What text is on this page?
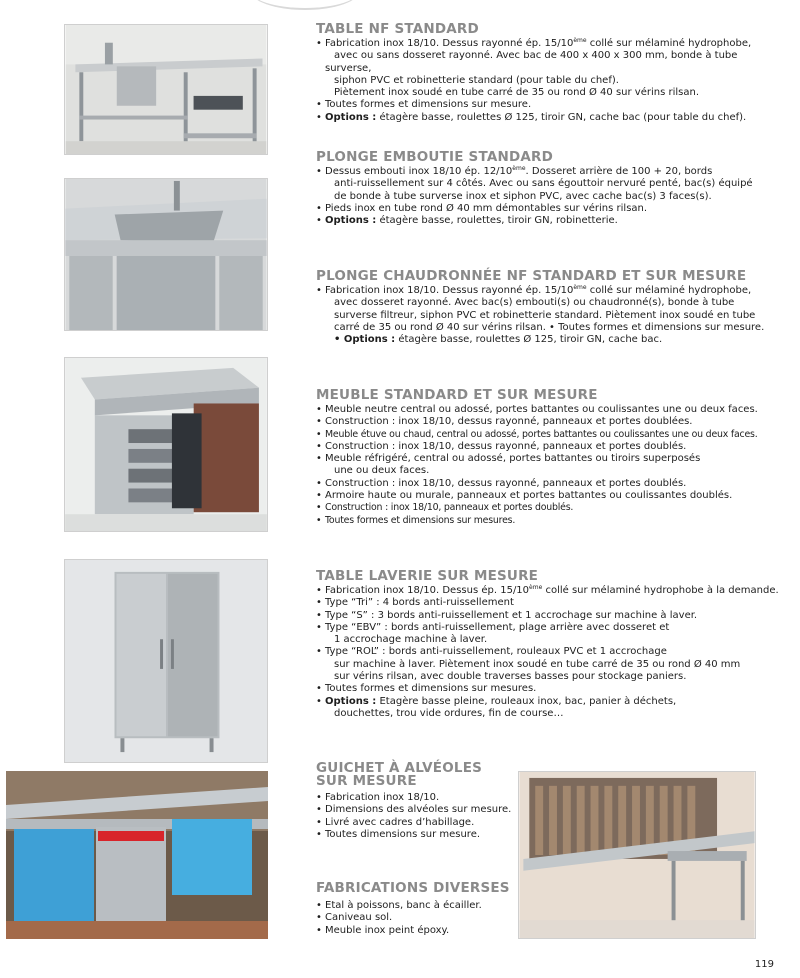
TABLE NF STANDARD
• Fabrication inox 18/10. Dessus rayonné ép. 15/10ème collé sur mélaminé hydrophobe,
avec ou sans dosseret rayonné. Avec bac de 400 x 400 x 300 mm, bonde à tube surverse,
siphon PVC et robinetterie standard (pour table du chef).
Piètement inox soudé en tube carré de 35 ou rond Ø 40 sur vérins rilsan.
• Toutes formes et dimensions sur mesure.
• Options : étagère basse, roulettes Ø 125, tiroir GN, cache bac (pour table du chef).
PLONGE EMBOUTIE STANDARD
• Dessus embouti inox 18/10 ép. 12/10ème. Dosseret arrière de 100 + 20, bords
anti-ruissellement sur 4 côtés. Avec ou sans égouttoir nervuré penté, bac(s) équipé
de bonde à tube surverse inox et siphon PVC, avec cache bac(s) 3 faces(s).
• Pieds inox en tube rond Ø 40 mm démontables sur vérins rilsan.
• Options : étagère basse, roulettes, tiroir GN, robinetterie.
PLONGE CHAUDRONNÉE NF STANDARD ET SUR MESURE
• Fabrication inox 18/10. Dessus rayonné ép. 15/10ème collé sur mélaminé hydrophobe,
avec dosseret rayonné. Avec bac(s) embouti(s) ou chaudronné(s), bonde à tube
surverse filtreur, siphon PVC et robinetterie standard. Piètement inox soudé en tube
carré de 35 ou rond Ø 40 sur vérins rilsan. • Toutes formes et dimensions sur mesure.
• Options : étagère basse, roulettes Ø 125, tiroir GN, cache bac.
MEUBLE STANDARD ET SUR MESURE
• Meuble neutre central ou adossé, portes battantes ou coulissantes une ou deux faces.
• Construction : inox 18/10, dessus rayonné, panneaux et portes doublées.
• Meuble étuve ou chaud, central ou adossé, portes battantes ou coulissantes une ou deux faces.
• Construction : inox 18/10, dessus rayonné, panneaux et portes doublés.
• Meuble réfrigéré, central ou adossé, portes battantes ou tiroirs superposés
une ou deux faces.
• Construction : inox 18/10, dessus rayonné, panneaux et portes doublés.
• Armoire haute ou murale, panneaux et portes battantes ou coulissantes doublés.
• Construction : inox 18/10, panneaux et portes doublés.
• Toutes formes et dimensions sur mesures.
TABLE LAVERIE SUR MESURE
• Fabrication inox 18/10. Dessus ép. 15/10ème collé sur mélaminé hydrophobe à la demande.
• Type “Tri” : 4 bords anti-ruissellement
• Type “S” : 3 bords anti-ruissellement et 1 accrochage sur machine à laver.
• Type “EBV” : bords anti-ruissellement, plage arrière avec dosseret et
1 accrochage machine à laver.
• Type “ROL” : bords anti-ruissellement, rouleaux PVC et 1 accrochage
sur machine à laver. Piètement inox soudé en tube carré de 35 ou rond Ø 40 mm
sur vérins rilsan, avec double traverses basses pour stockage paniers.
• Toutes formes et dimensions sur mesures.
• Options : Etagère basse pleine, rouleaux inox, bac, panier à déchets,
douchettes, trou vide ordures, fin de course…
GUICHET À ALVÉOLES
SUR MESURE
• Fabrication inox 18/10.
• Dimensions des alvéoles sur mesure.
• Livré avec cadres d’habillage.
• Toutes dimensions sur mesure.
FABRICATIONS DIVERSES
• Etal à poissons, banc à écailler.
• Caniveau sol.
• Meuble inox peint époxy.
119
